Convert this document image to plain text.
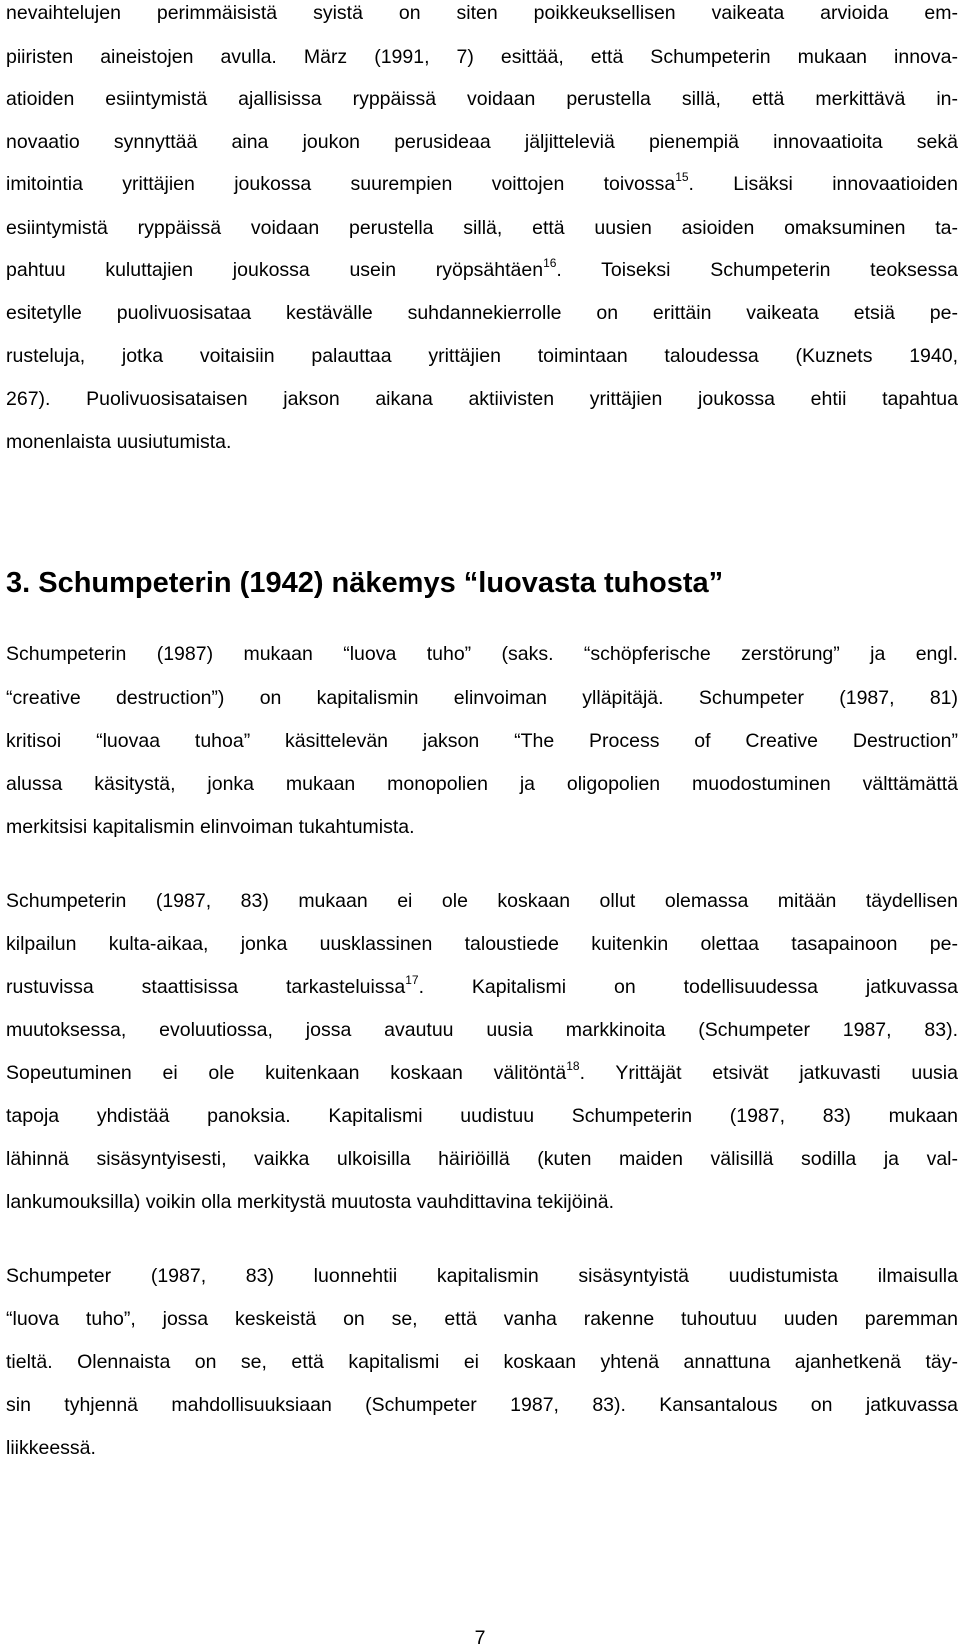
nevaihtelujen perimmäisistä syistä on siten poikkeuksellisen vaikeata arvioida em-
piiristen aineistojen avulla. März (1991, 7) esittää, että Schumpeterin mukaan innova-
atioiden esiintymistä ajallisissa ryppäissä voidaan perustella sillä, että merkittävä in-
novaatio synnyttää aina joukon perusideaa jäljitteleviä pienempiä innovaatioita sekä
imitointia yrittäjien joukossa suurempien voittojen toivossa$^{15}$. Lisäksi innovaatioiden
esiintymistä ryppäissä voidaan perustella sillä, että uusien asioiden omaksuminen ta-
pahtuu kuluttajien joukossa usein ryöpsähtäen$^{16}$. Toiseksi Schumpeterin teoksessa
esitetylle puolivuosisataa kestävälle suhdannekierrolle on erittäin vaikeata etsiä pe-
rusteluja, jotka voitaisiin palauttaa yrittäjien toimintaan taloudessa (Kuznets 1940,
267). Puolivuosisataisen jakson aikana aktiivisten yrittäjien joukossa ehtii tapahtua
monenlaista uusiutumista.
3. Schumpeterin (1942) näkemys “luovasta tuhosta”
Schumpeterin (1987) mukaan “luova tuho” (saks. “schöpferische zerstörung” ja engl.
“creative destruction”) on kapitalismin elinvoiman ylläpitäjä. Schumpeter (1987, 81)
kritisoi “luovaa tuhoa” käsittelevän jakson “The Process of Creative Destruction”
alussa käsitystä, jonka mukaan monopolien ja oligopolien muodostuminen välttämättä
merkitsisi kapitalismin elinvoiman tukahtumista.
Schumpeterin (1987, 83) mukaan ei ole koskaan ollut olemassa mitään täydellisen
kilpailun kulta-aikaa, jonka uusklassinen taloustiede kuitenkin olettaa tasapainoon pe-
rustuvissa staattisissa tarkasteluissa$^{17}$. Kapitalismi on todellisuudessa jatkuvassa
muutoksessa, evoluutiossa, jossa avautuu uusia markkinoita (Schumpeter 1987, 83).
Sopeutuminen ei ole kuitenkaan koskaan välitöntä$^{18}$. Yrittäjät etsivät jatkuvasti uusia
tapoja yhdistää panoksia. Kapitalismi uudistuu Schumpeterin (1987, 83) mukaan
lähinnä sisäsyntyisesti, vaikka ulkoisilla häiriöillä (kuten maiden välisillä sodilla ja val-
lankumouksilla) voikin olla merkitystä muutosta vauhdittavina tekijöinä.
Schumpeter (1987, 83) luonnehtii kapitalismin sisäsyntyistä uudistumista ilmaisulla
“luova tuho”, jossa keskeistä on se, että vanha rakenne tuhoutuu uuden paremman
tieltä. Olennaista on se, että kapitalismi ei koskaan yhtenä annattuna ajanhetkenä täy-
sin tyhjennä mahdollisuuksiaan (Schumpeter 1987, 83). Kansantalous on jatkuvassa
liikkeessä.
7
